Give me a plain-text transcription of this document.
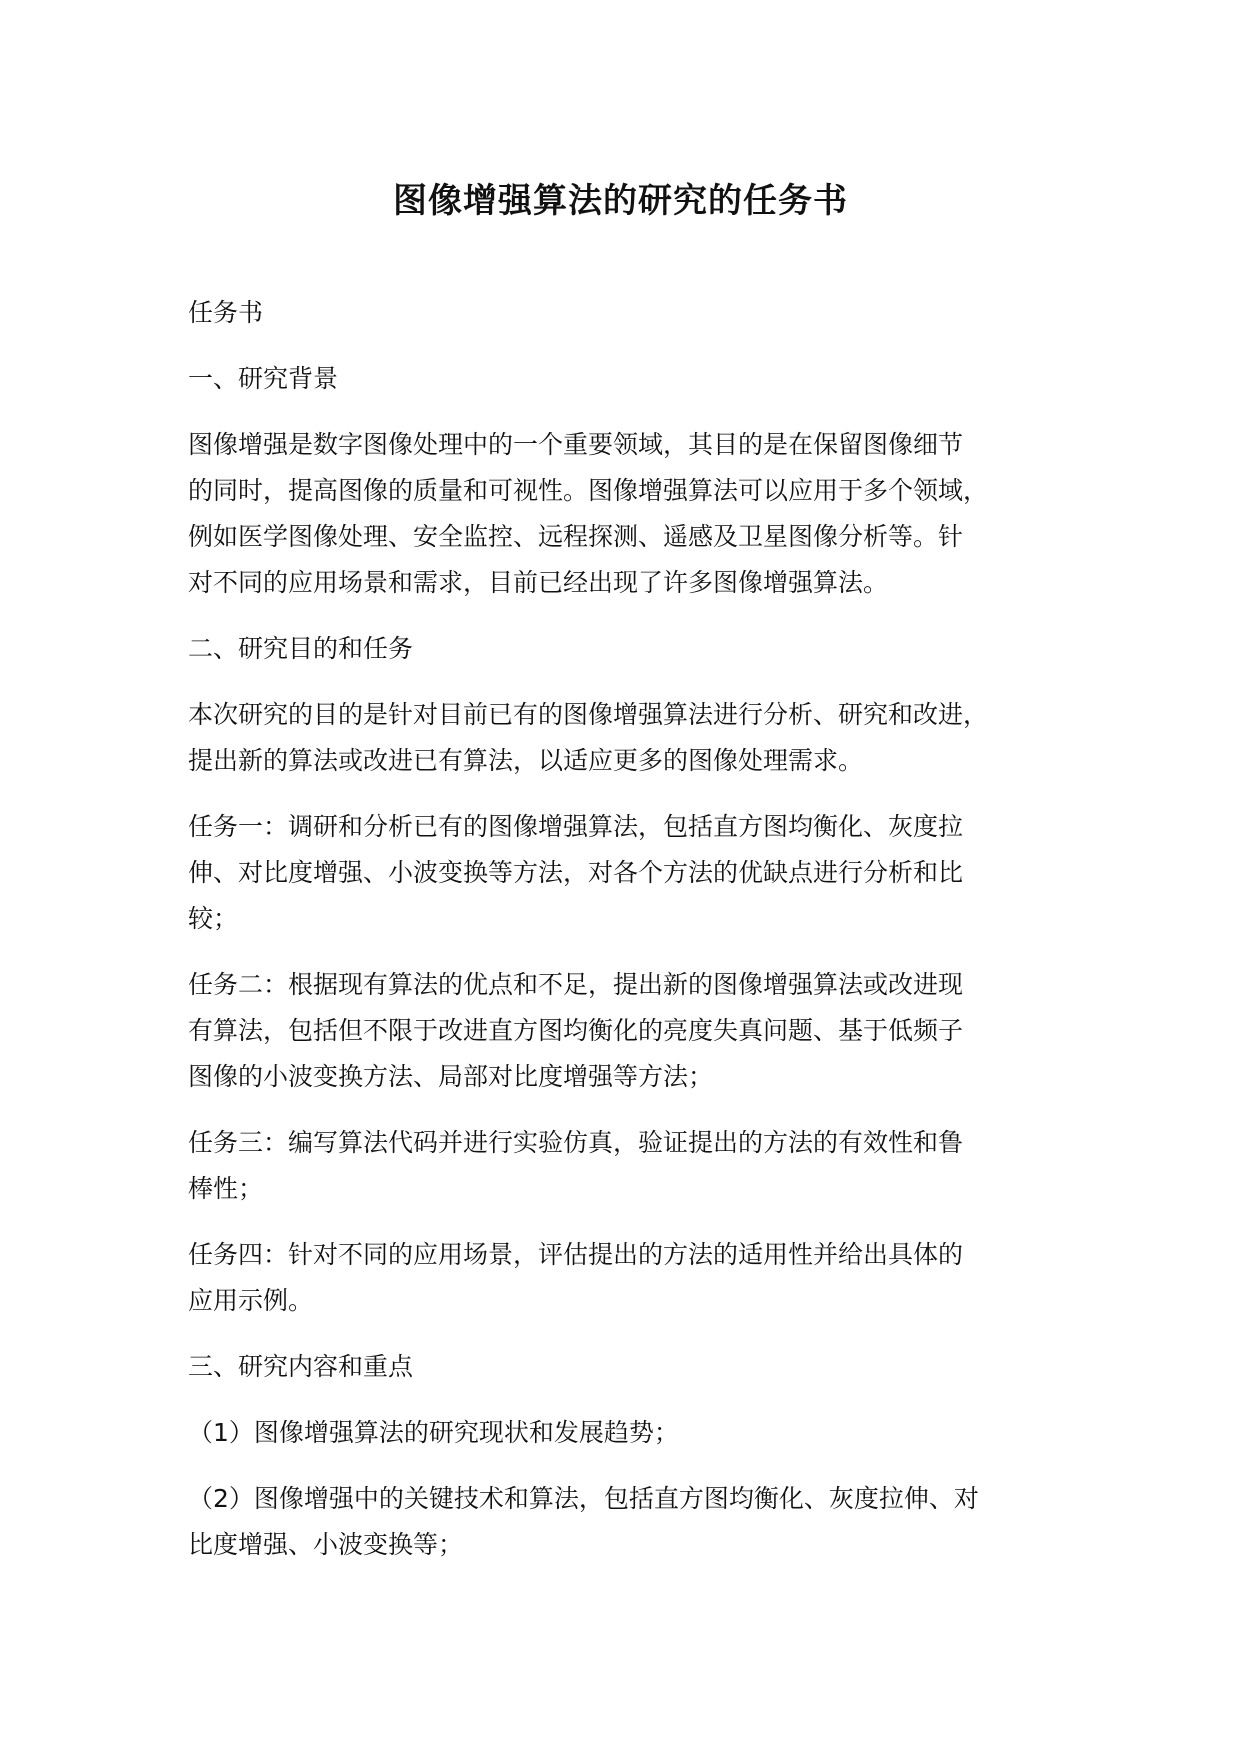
图像增强算法的研究的任务书

任务书

一、研究背景

图像增强是数字图像处理中的一个重要领域，其目的是在保留图像细节
的同时，提高图像的质量和可视性。图像增强算法可以应用于多个领域，
例如医学图像处理、安全监控、远程探测、遥感及卫星图像分析等。针
对不同的应用场景和需求，目前已经出现了许多图像增强算法。

二、研究目的和任务

本次研究的目的是针对目前已有的图像增强算法进行分析、研究和改进，
提出新的算法或改进已有算法，以适应更多的图像处理需求。

任务一：调研和分析已有的图像增强算法，包括直方图均衡化、灰度拉
伸、对比度增强、小波变换等方法，对各个方法的优缺点进行分析和比
较；

任务二：根据现有算法的优点和不足，提出新的图像增强算法或改进现
有算法，包括但不限于改进直方图均衡化的亮度失真问题、基于低频子
图像的小波变换方法、局部对比度增强等方法；

任务三：编写算法代码并进行实验仿真，验证提出的方法的有效性和鲁
棒性；

任务四：针对不同的应用场景，评估提出的方法的适用性并给出具体的
应用示例。

三、研究内容和重点

（1）图像增强算法的研究现状和发展趋势；

（2）图像增强中的关键技术和算法，包括直方图均衡化、灰度拉伸、对
比度增强、小波变换等；
